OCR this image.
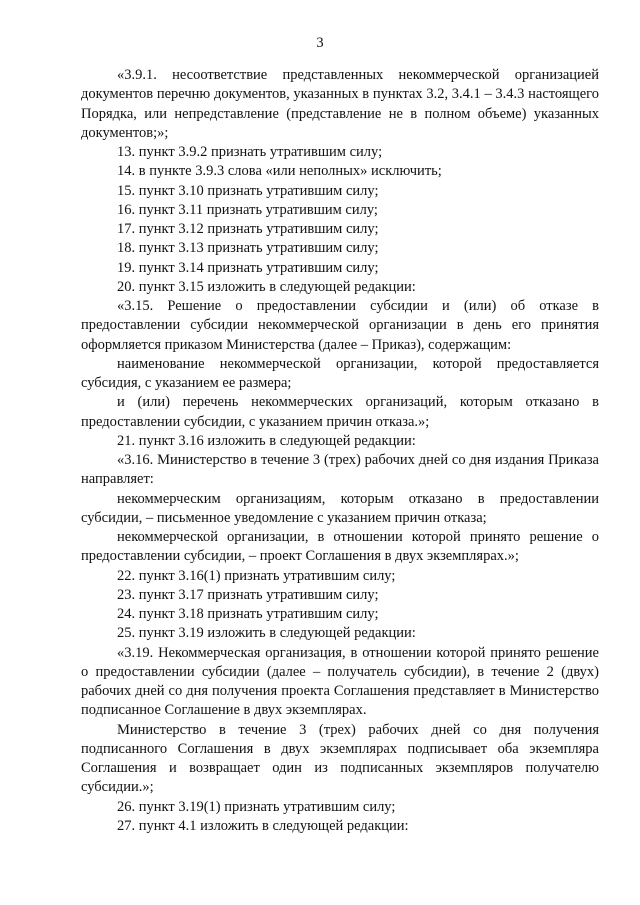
3

«3.9.1. несоответствие представленных некоммерческой организацией документов перечню документов, указанных в пунктах 3.2, 3.4.1 – 3.4.3 настоящего Порядка, или непредставление (представление не в полном объеме) указанных документов;»;

13. пункт 3.9.2 признать утратившим силу;

14. в пункте 3.9.3 слова «или неполных» исключить;

15. пункт 3.10 признать утратившим силу;

16. пункт 3.11 признать утратившим силу;

17. пункт 3.12 признать утратившим силу;

18. пункт 3.13 признать утратившим силу;

19. пункт 3.14 признать утратившим силу;

20. пункт 3.15 изложить в следующей редакции:

«3.15. Решение о предоставлении субсидии и (или) об отказе в предоставлении субсидии некоммерческой организации в день его принятия оформляется приказом Министерства (далее – Приказ), содержащим:

наименование некоммерческой организации, которой предоставляется субсидия, с указанием ее размера;

и (или) перечень некоммерческих организаций, которым отказано в предоставлении субсидии, с указанием причин отказа.»;

21. пункт 3.16 изложить в следующей редакции:

«3.16. Министерство в течение 3 (трех) рабочих дней со дня издания Приказа направляет:

некоммерческим организациям, которым отказано в предоставлении субсидии, – письменное уведомление с указанием причин отказа;

некоммерческой организации, в отношении которой принято решение о предоставлении субсидии, – проект Соглашения в двух экземплярах.»;

22. пункт 3.16(1) признать утратившим силу;

23. пункт 3.17 признать утратившим силу;

24. пункт 3.18 признать утратившим силу;

25. пункт 3.19 изложить в следующей редакции:

«3.19. Некоммерческая организация, в отношении которой принято решение о предоставлении субсидии (далее – получатель субсидии), в течение 2 (двух) рабочих дней со дня получения проекта Соглашения представляет в Министерство подписанное Соглашение в двух экземплярах.

Министерство в течение 3 (трех) рабочих дней со дня получения подписанного Соглашения в двух экземплярах подписывает оба экземпляра Соглашения и возвращает один из подписанных экземпляров получателю субсидии.»;

26. пункт 3.19(1) признать утратившим силу;

27. пункт 4.1 изложить в следующей редакции:
